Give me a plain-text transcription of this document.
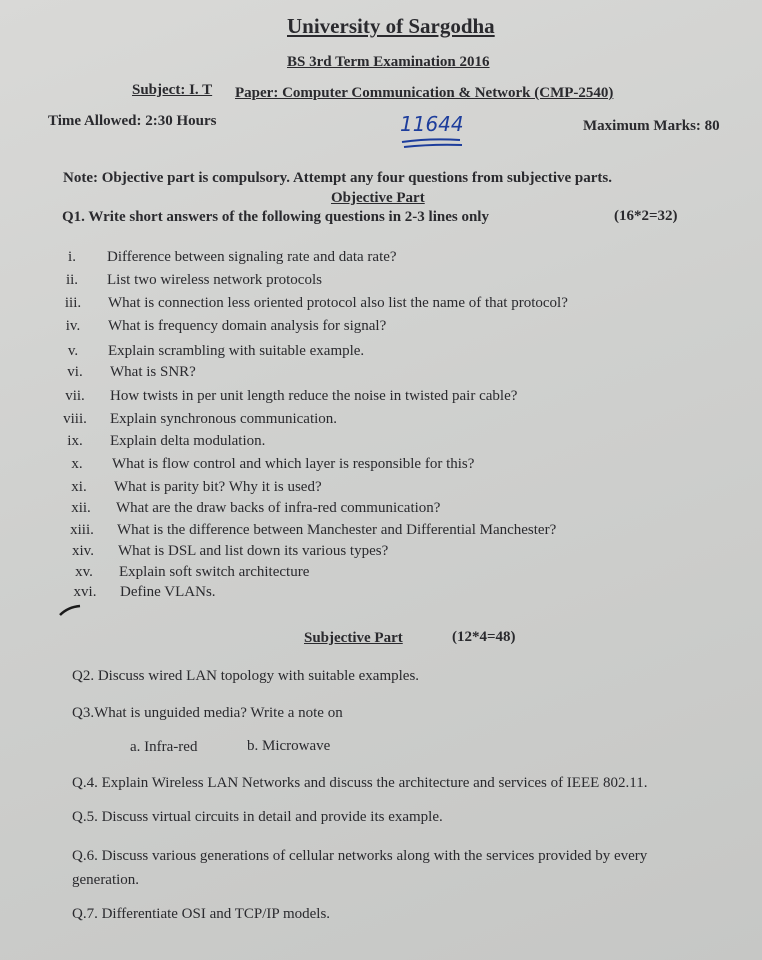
University of Sargodha
BS 3rd Term Examination 2016
Subject: I. T Paper: Computer Communication & Network (CMP-2540)
Time Allowed: 2:30 Hours	11644	Maximum Marks: 80
Note: Objective part is compulsory. Attempt any four questions from subjective parts.
Objective Part
Q1. Write short answers of the following questions in 2-3 lines only	(16*2=32)
i.	Difference between signaling rate and data rate?
ii.	List two wireless network protocols
iii.	What is connection less oriented protocol also list the name of that protocol?
iv.	What is frequency domain analysis for signal?
v.	Explain scrambling with suitable example.
vi.	What is SNR?
vii.	How twists in per unit length reduce the noise in twisted pair cable?
viii.	Explain synchronous communication.
ix.	Explain delta modulation.
x.	What is flow control and which layer is responsible for this?
xi.	What is parity bit? Why it is used?
xii.	What are the draw backs of infra-red communication?
xiii.	What is the difference between Manchester and Differential Manchester?
xiv.	What is DSL and list down its various types?
xv.	Explain soft switch architecture
xvi.	Define VLANs.
Subjective Part	(12*4=48)
Q2. Discuss wired LAN topology with suitable examples.
Q3.What is unguided media? Write a note on
a. Infra-red	b. Microwave
Q.4. Explain Wireless LAN Networks and discuss the architecture and services of IEEE 802.11.
Q.5. Discuss virtual circuits in detail and provide its example.
Q.6. Discuss various generations of cellular networks along with the services provided by every
generation.
Q.7. Differentiate OSI and TCP/IP models.
